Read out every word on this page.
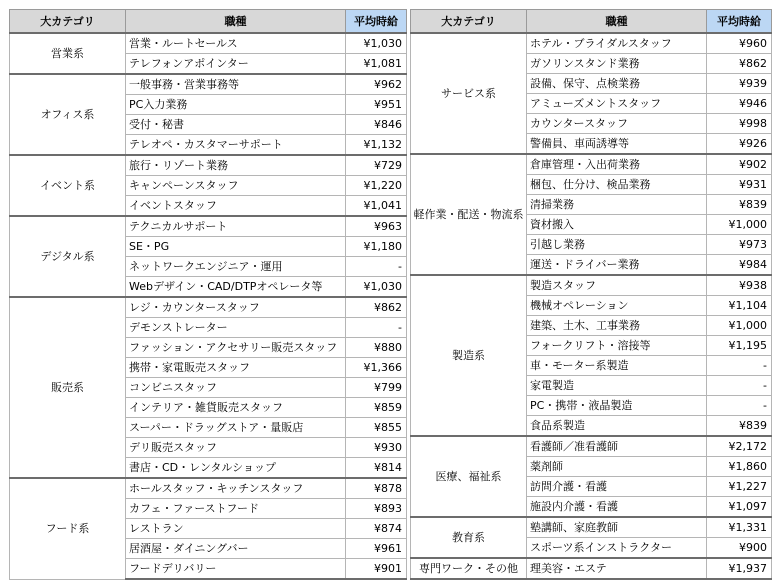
大カテゴリ	職種	平均時給
営業系	営業・ルートセールス	¥1,030
	テレフォンアポインター	¥1,081
オフィス系	一般事務・営業事務等	¥962
	PC入力業務	¥951
	受付・秘書	¥846
	テレオペ・カスタマーサポート	¥1,132
イベント系	旅行・リゾート業務	¥729
	キャンペーンスタッフ	¥1,220
	イベントスタッフ	¥1,041
デジタル系	テクニカルサポート	¥963
	SE・PG	¥1,180
	ネットワークエンジニア・運用	-
	Webデザイン・CAD/DTPオペレータ等	¥1,030
販売系	レジ・カウンタースタッフ	¥862
	デモンストレーター	-
	ファッション・アクセサリー販売スタッフ	¥880
	携帯・家電販売スタッフ	¥1,366
	コンビニスタッフ	¥799
	インテリア・雑貨販売スタッフ	¥859
	スーパー・ドラッグストア・量販店	¥855
	デリ販売スタッフ	¥930
	書店・CD・レンタルショップ	¥814
フード系	ホールスタッフ・キッチンスタッフ	¥878
	カフェ・ファーストフード	¥893
	レストラン	¥874
	居酒屋・ダイニングバー	¥961
	フードデリバリー	¥901
大カテゴリ	職種	平均時給
サービス系	ホテル・ブライダルスタッフ	¥960
	ガソリンスタンド業務	¥862
	設備、保守、点検業務	¥939
	アミューズメントスタッフ	¥946
	カウンタースタッフ	¥998
	警備員、車両誘導等	¥926
軽作業・配送・物流系	倉庫管理・入出荷業務	¥902
	梱包、仕分け、検品業務	¥931
	清掃業務	¥839
	資材搬入	¥1,000
	引越し業務	¥973
	運送・ドライバー業務	¥984
製造系	製造スタッフ	¥938
	機械オペレーション	¥1,104
	建築、土木、工事業務	¥1,000
	フォークリフト・溶接等	¥1,195
	車・モーター系製造	-
	家電製造	-
	PC・携帯・液晶製造	-
	食品系製造	¥839
医療、福祉系	看護師／准看護師	¥2,172
	薬剤師	¥1,860
	訪問介護・看護	¥1,227
	施設内介護・看護	¥1,097
教育系	塾講師、家庭教師	¥1,331
	スポーツ系インストラクター	¥900
専門ワーク・その他	理美容・エステ	¥1,937
